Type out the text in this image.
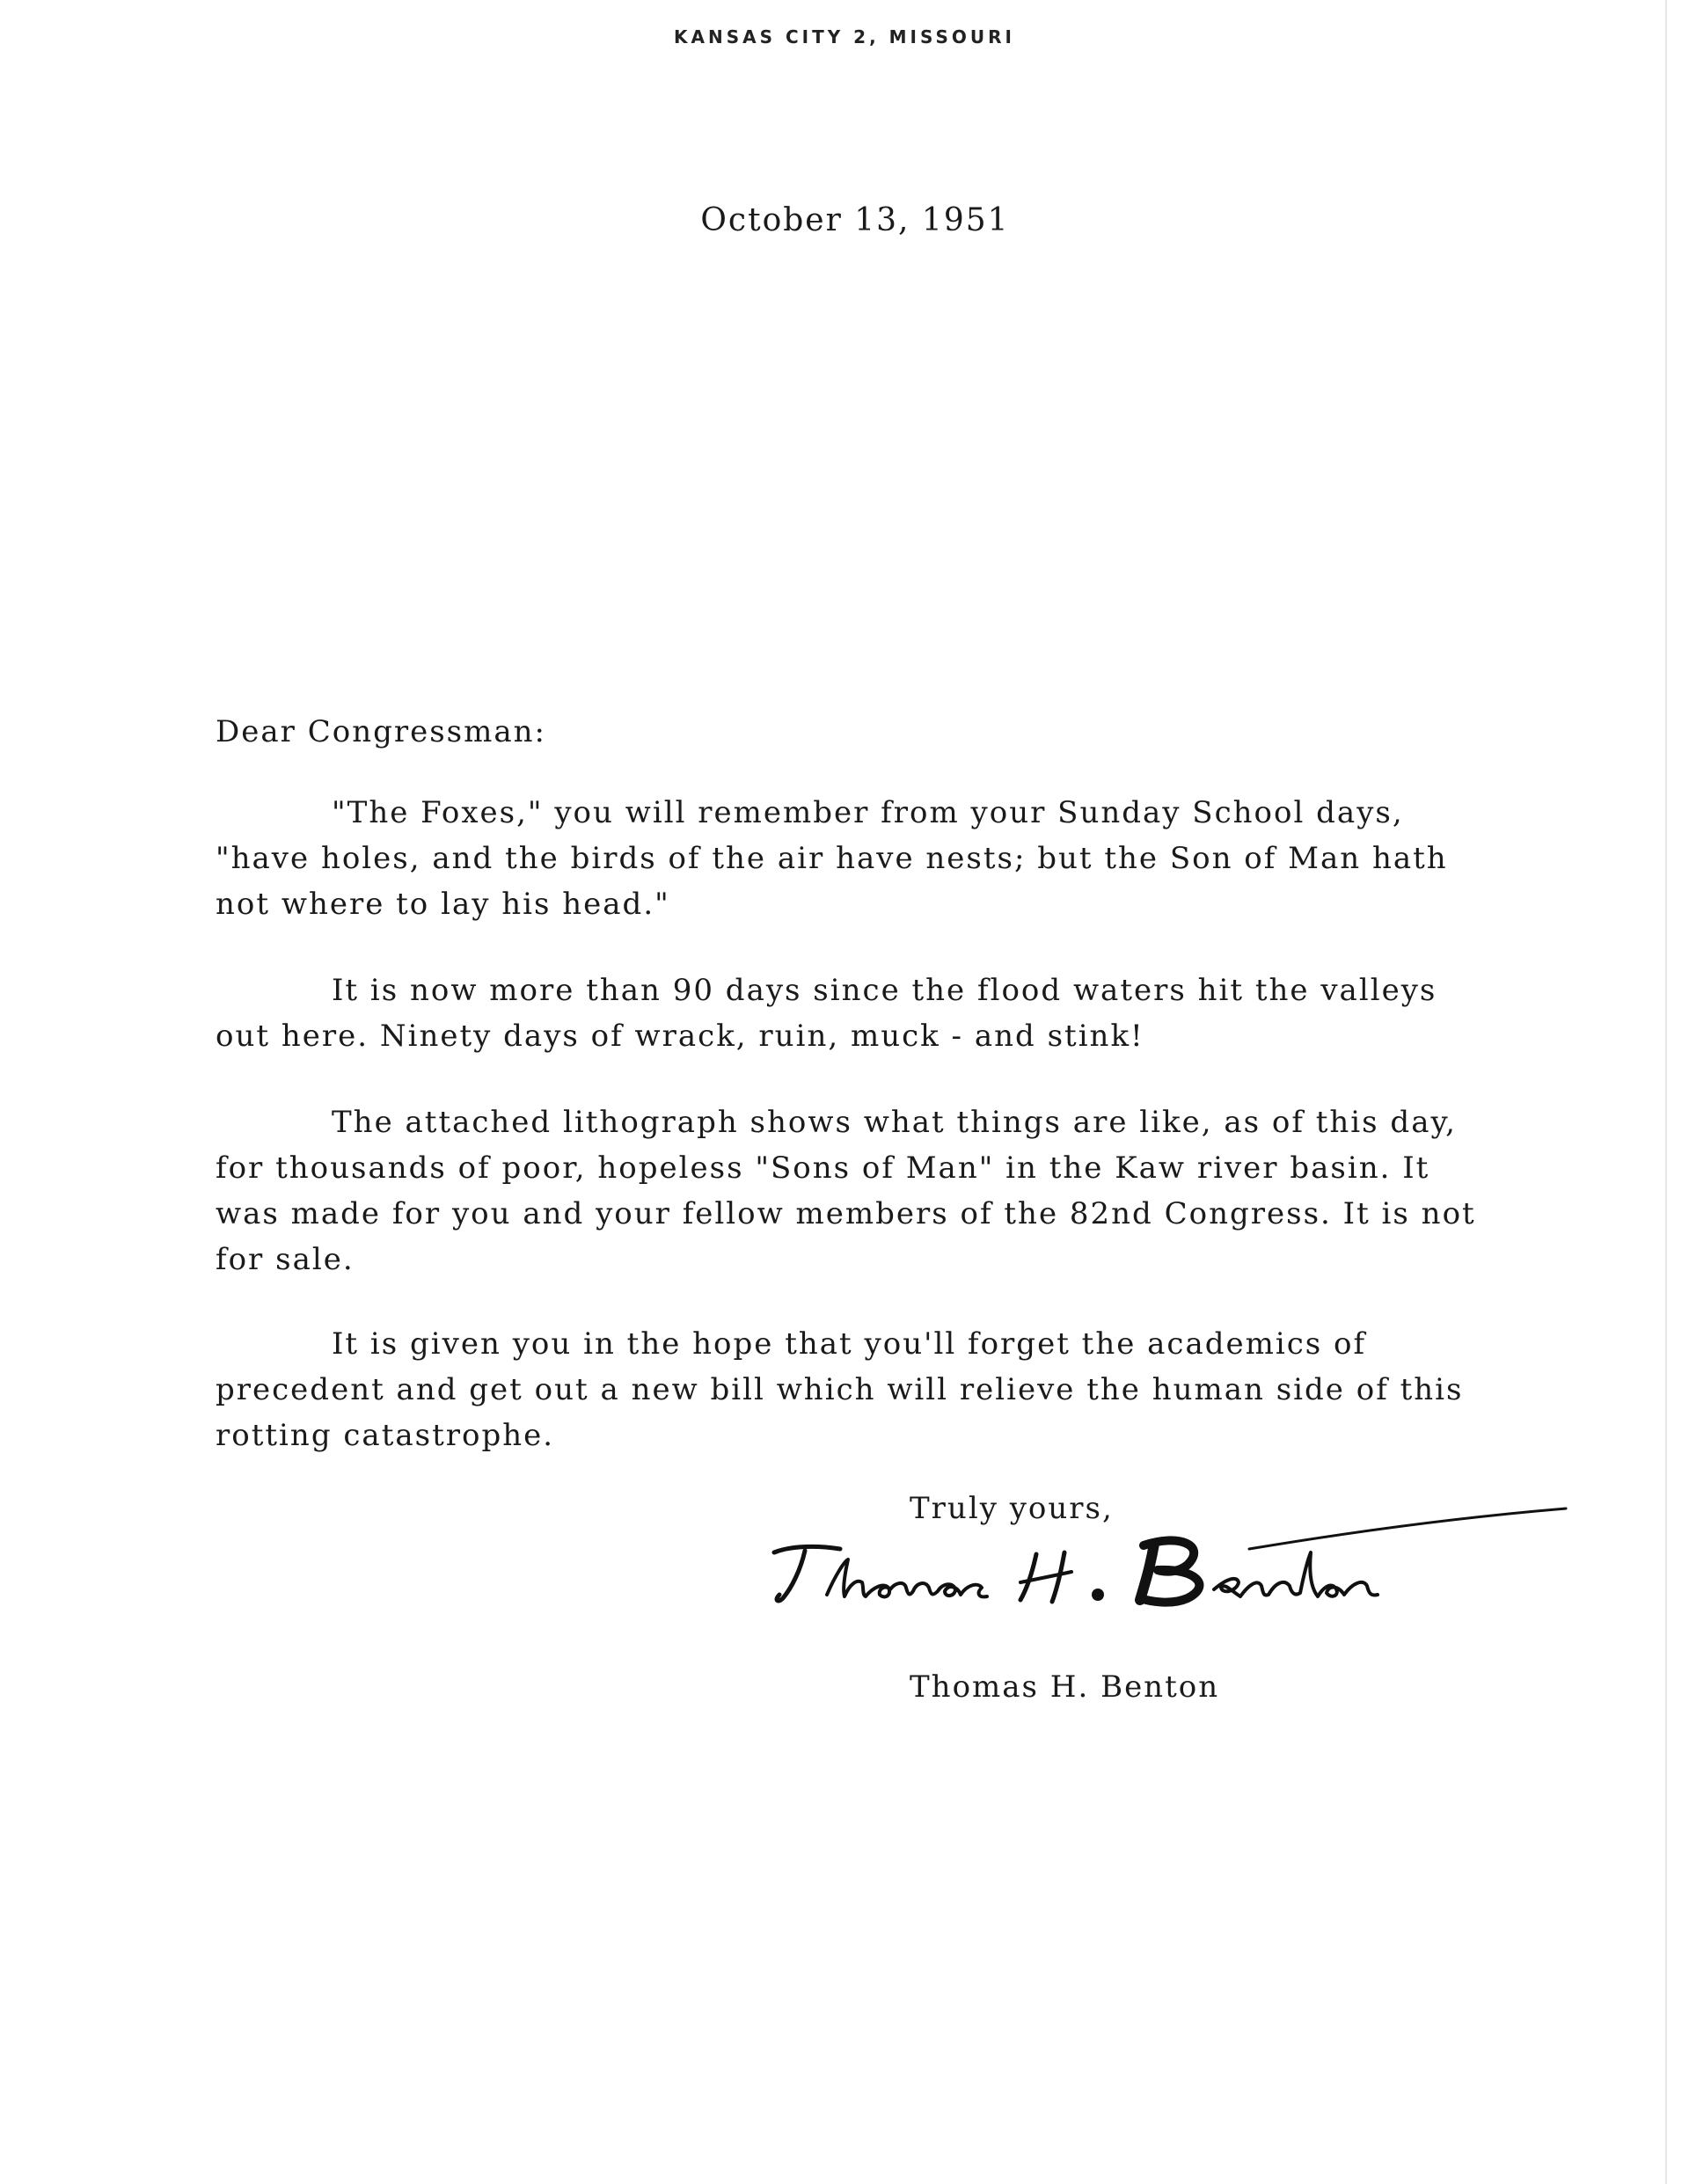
KANSAS CITY 2, MISSOURI
October 13, 1951
Dear Congressman:
"The Foxes," you will remember from your Sunday School days, "have holes, and the birds of the air have nests; but the Son of Man hath not where to lay his head."
It is now more than 90 days since the flood waters hit the valleys out here. Ninety days of wrack, ruin, muck - and stink!
The attached lithograph shows what things are like, as of this day, for thousands of poor, hopeless "Sons of Man" in the Kaw river basin. It was made for you and your fellow members of the 82nd Congress. It is not for sale.
It is given you in the hope that you'll forget the academics of precedent and get out a new bill which will relieve the human side of this rotting catastrophe.
Truly yours,
Thomas H. Benton
